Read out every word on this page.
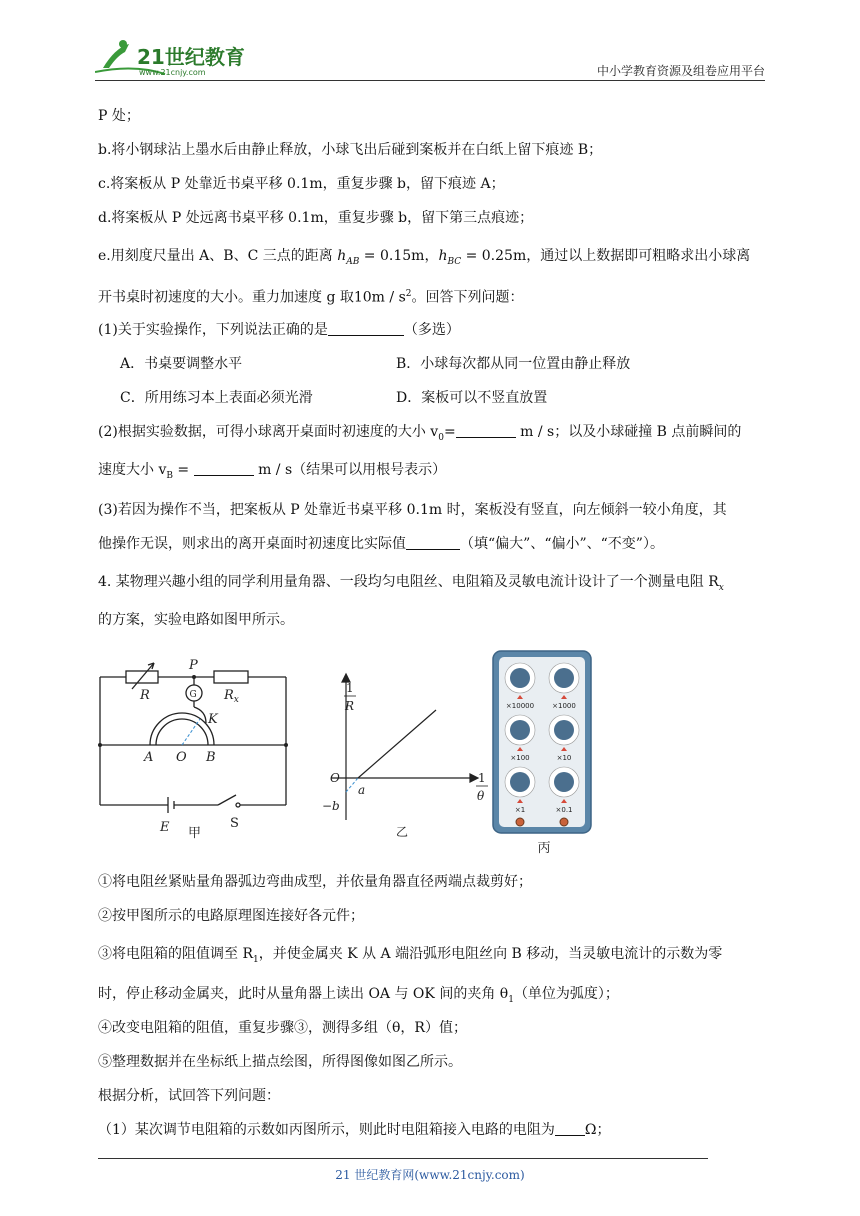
21世纪教育
www.21cnjy.com	中小学教育资源及组卷应用平台
P 处；
b.将小钢球沾上墨水后由静止释放，小球飞出后碰到案板并在白纸上留下痕迹 B；
c.将案板从 P 处靠近书桌平移 0.1m，重复步骤 b，留下痕迹 A；
d.将案板从 P 处远离书桌平移 0.1m，重复步骤 b，留下第三点痕迹；
e.用刻度尺量出 A、B、C 三点的距离 $h_{AB} = 0.15m$，$h_{BC} = 0.25m$，通过以上数据即可粗略求出小球离
开书桌时初速度的大小。重力加速度 g 取$10m / s^2$。回答下列问题：
(1)关于实验操作，下列说法正确的是	（多选）
A．书桌要调整水平	B．小球每次都从同一位置由静止释放
C．所用练习本上表面必须光滑	D．案板可以不竖直放置
(2)根据实验数据，可得小球离开桌面时初速度的大小 $v_0=$	m / s；以及小球碰撞 B 点前瞬间的
速度大小 $v_B$ =	m / s（结果可以用根号表示）
(3)若因为操作不当，把案板从 P 处靠近书桌平移 0.1m 时，案板没有竖直，向左倾斜一较小角度，其
他操作无误，则求出的离开桌面时初速度比实际值	（填“偏大”、“偏小”、“不变”）。
4. 某物理兴趣小组的同学利用量角器、一段均匀电阻丝、电阻箱及灵敏电流计设计了一个测量电阻 $R_x$
的方案，实验电路如图甲所示。
R
P
G $R_x$
K
A O B
E	S
甲
1
R
1
θ
O
a
−b
乙
×10000	×1000
×100	×10
×1	×0.1
丙
①将电阻丝紧贴量角器弧边弯曲成型，并依量角器直径两端点裁剪好；
②按甲图所示的电路原理图连接好各元件；
③将电阻箱的阻值调至 $R_1$，并使金属夹 K 从 A 端沿弧形电阻丝向 B 移动，当灵敏电流计的示数为零
时，停止移动金属夹，此时从量角器上读出 OA 与 OK 间的夹角 $\theta_1$（单位为弧度）；
④改变电阻箱的阻值，重复步骤③，测得多组（θ，R）值；
⑤整理数据并在坐标纸上描点绘图，所得图像如图乙所示。
根据分析，试回答下列问题：
（1）某次调节电阻箱的示数如丙图所示，则此时电阻箱接入电路的电阻为 Ω；
21 世纪教育网(www.21cnjy.com)
